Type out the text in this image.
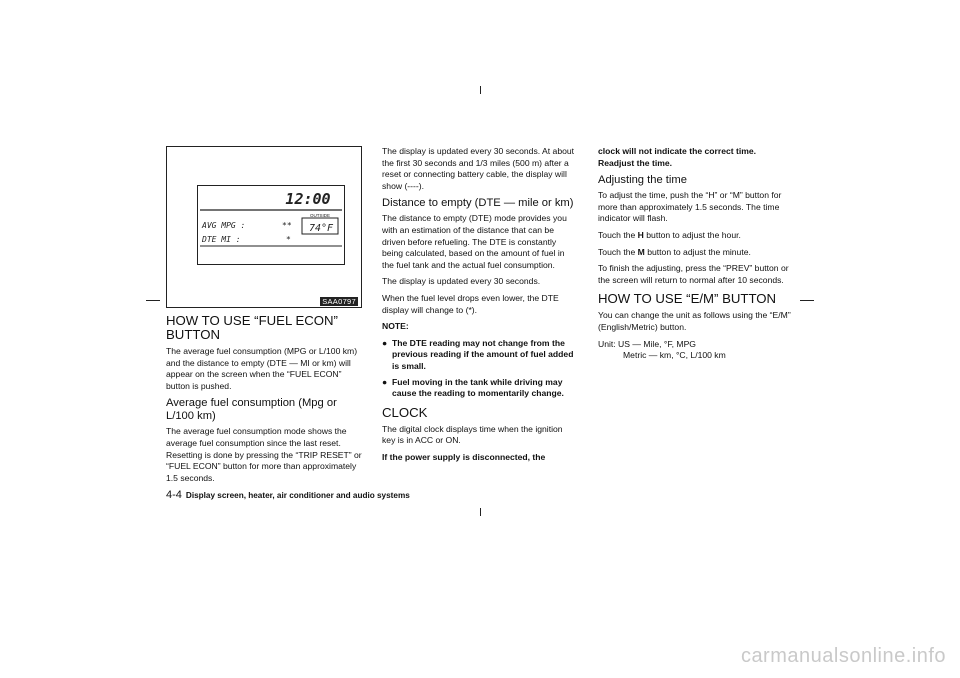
12:00
AVG MPG :	**
DTE MI :	*
OUTSIDE
74°F
SAA0797
HOW TO USE “FUEL ECON” BUTTON

The average fuel consumption (MPG or L/100 km) and the distance to empty (DTE — MI or km) will appear on the screen when the “FUEL ECON” button is pushed.

Average fuel consumption (Mpg or L/100 km)

The average fuel consumption mode shows the average fuel consumption since the last reset. Resetting is done by pressing the “TRIP RESET” or “FUEL ECON” button for more than approximately 1.5 seconds.

The display is updated every 30 seconds. At about the first 30 seconds and 1/3 miles (500 m) after a reset or connecting battery cable, the display will show (----).

Distance to empty (DTE — mile or km)

The distance to empty (DTE) mode provides you with an estimation of the distance that can be driven before refueling. The DTE is constantly being calculated, based on the amount of fuel in the fuel tank and the actual fuel consumption.

The display is updated every 30 seconds.

When the fuel level drops even lower, the DTE display will change to (*).

NOTE:

● The DTE reading may not change from the previous reading if the amount of fuel added is small.
● Fuel moving in the tank while driving may cause the reading to momentarily change.
CLOCK

The digital clock displays time when the ignition key is in ACC or ON.

If the power supply is disconnected, the

clock will not indicate the correct time. Readjust the time.

Adjusting the time

To adjust the time, push the “H” or “M” button for more than approximately 1.5 seconds. The time indicator will flash.

Touch the H button to adjust the hour.

Touch the M button to adjust the minute.

To finish the adjusting, press the “PREV” button or the screen will return to normal after 10 seconds.

HOW TO USE “E/M” BUTTON

You can change the unit as follows using the “E/M” (English/Metric) button.

Unit: US — Mile, °F, MPG

Metric — km, °C, L/100 km

4-4 Display screen, heater, air conditioner and audio systems
carmanualsonline.info
